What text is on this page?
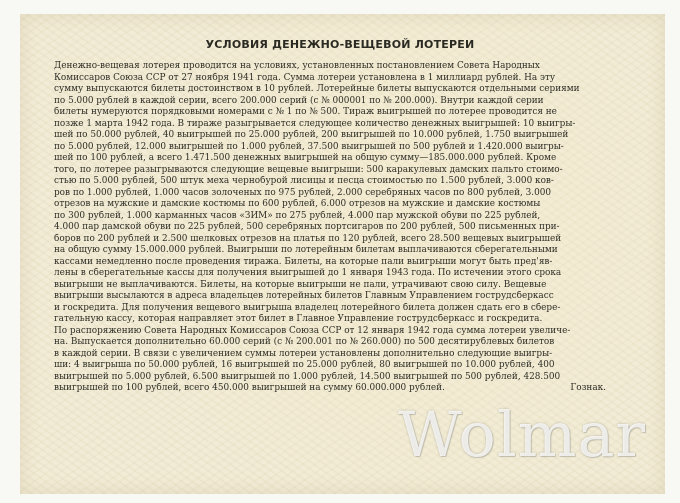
УСЛОВИЯ ДЕНЕЖНО-ВЕЩЕВОЙ ЛОТЕРЕИ
Денежно-вещевая лотерея проводится на условиях, установленных постановлением Совета Народных
Комиссаров Союза ССР от 27 ноября 1941 года. Сумма лотереи установлена в 1 миллиард рублей. На эту
сумму выпускаются билеты достоинством в 10 рублей. Лотерейные билеты выпускаются отдельными сериями
по 5.000 рублей в каждой серии, всего 200.000 серий (с № 000001 по № 200.000). Внутри каждой серии
билеты нумеруются порядковыми номерами с № 1 по № 500. Тираж выигрышей по лотерее проводится не
позже 1 марта 1942 года. В тираже разыгрывается следующее количество денежных выигрышей: 10 выигры-
шей по 50.000 рублей, 40 выигрышей по 25.000 рублей, 200 выигрышей по 10.000 рублей, 1.750 выигрышей
по 5.000 рублей, 12.000 выигрышей по 1.000 рублей, 37.500 выигрышей по 500 рублей и 1.420.000 выигры-
шей по 100 рублей, а всего 1.471.500 денежных выигрышей на общую сумму—185.000.000 рублей. Кроме
того, по лотерее разыгрываются следующие вещевые выигрыши: 500 каракулевых дамских пальто стоимо-
стью по 5.000 рублей, 500 штук меха чернобурой лисицы и песца стоимостью по 1.500 рублей, 3.000 ков-
ров по 1.000 рублей, 1.000 часов золоченых по 975 рублей, 2.000 серебряных часов по 800 рублей, 3.000
отрезов на мужские и дамские костюмы по 600 рублей, 6.000 отрезов на мужские и дамские костюмы
по 300 рублей, 1.000 карманных часов «ЗИМ» по 275 рублей, 4.000 пар мужской обуви по 225 рублей,
4.000 пар дамской обуви по 225 рублей, 500 серебряных портсигаров по 200 рублей, 500 письменных при-
боров по 200 рублей и 2.500 шелковых отрезов на платья по 120 рублей, всего 28.500 вещевых выигрышей
на общую сумму 15.000.000 рублей. Выигрыши по лотерейным билетам выплачиваются сберегательными
кассами немедленно после проведения тиража. Билеты, на которые пали выигрыши могут быть пред'яв-
лены в сберегательные кассы для получения выигрышей до 1 января 1943 года. По истечении этого срока
выигрыши не выплачиваются. Билеты, на которые выигрыши не пали, утрачивают свою силу. Вещевые
выигрыши высылаются в адреса владельцев лотерейных билетов Главным Управлением гострудсберкасс
и госкредита. Для получения вещевого выигрыша владелец лотерейного билета должен сдать его в сбере-
гательную кассу, которая направляет этот билет в Главное Управление гострудсберкасс и госкредита.
По распоряжению Совета Народных Комиссаров Союза ССР от 12 января 1942 года сумма лотереи увеличе-
на. Выпускается дополнительно 60.000 серий (с № 200.001 по № 260.000) по 500 десятирублевых билетов
в каждой серии. В связи с увеличением суммы лотереи установлены дополнительно следующие выигры-
ши: 4 выигрыша по 50.000 рублей, 16 выигрышей по 25.000 рублей, 80 выигрышей по 10.000 рублей, 400
выигрышей по 5.000 рублей, 6.500 выигрышей по 1.000 рублей, 14.500 выигрышей по 500 рублей, 428.500
выигрышей по 100 рублей, всего 450.000 выигрышей на сумму 60.000.000 рублей.	Гознак.
Wolmar
